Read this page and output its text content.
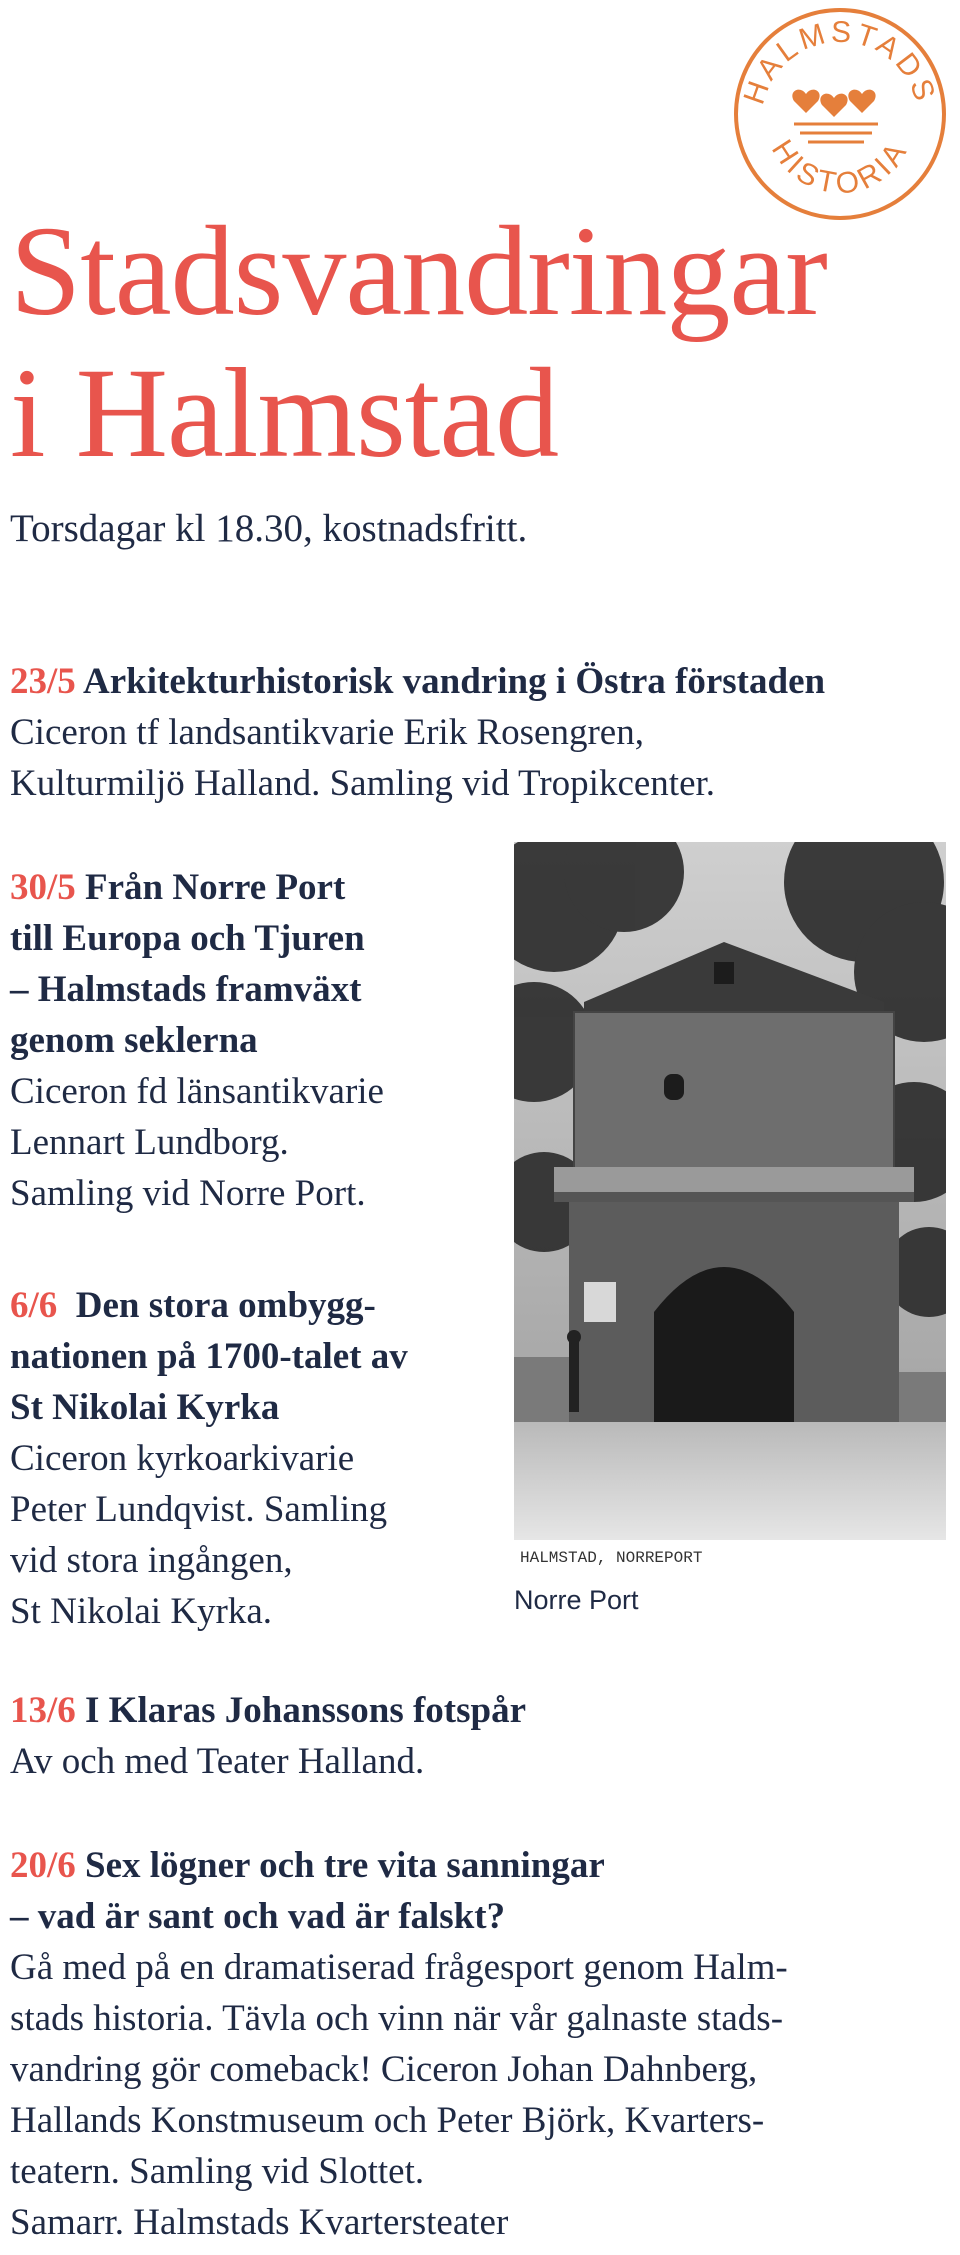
HALMSTADS
HISTORIA
Stadsvandringar
i Halmstad
Torsdagar kl 18.30, kostnadsfritt.

23/5 Arkitekturhistorisk vandring i Östra förstaden

Ciceron tf landsantikvarie Erik Rosengren,

Kulturmiljö Halland. Samling vid Tropikcenter.

30/5 Från Norre Port

till Europa och Tjuren

– Halmstads framväxt

genom seklerna

Ciceron fd länsantikvarie

Lennart Lundborg.

Samling vid Norre Port.

6/6 Den stora ombygg-

nationen på 1700-talet av

St Nikolai Kyrka

Ciceron kyrkoarkivarie

Peter Lundqvist. Samling

vid stora ingången,

St Nikolai Kyrka.

HALMSTAD, NORREPORT
Norre Port

13/6 I Klaras Johanssons fotspår

Av och med Teater Halland.

20/6 Sex lögner och tre vita sanningar

– vad är sant och vad är falskt?

Gå med på en dramatiserad frågesport genom Halm-

stads historia. Tävla och vinn när vår galnaste stads-

vandring gör comeback! Ciceron Johan Dahnberg,

Hallands Konstmuseum och Peter Björk, Kvarters-

teatern. Samling vid Slottet.

Samarr. Halmstads Kvartersteater
